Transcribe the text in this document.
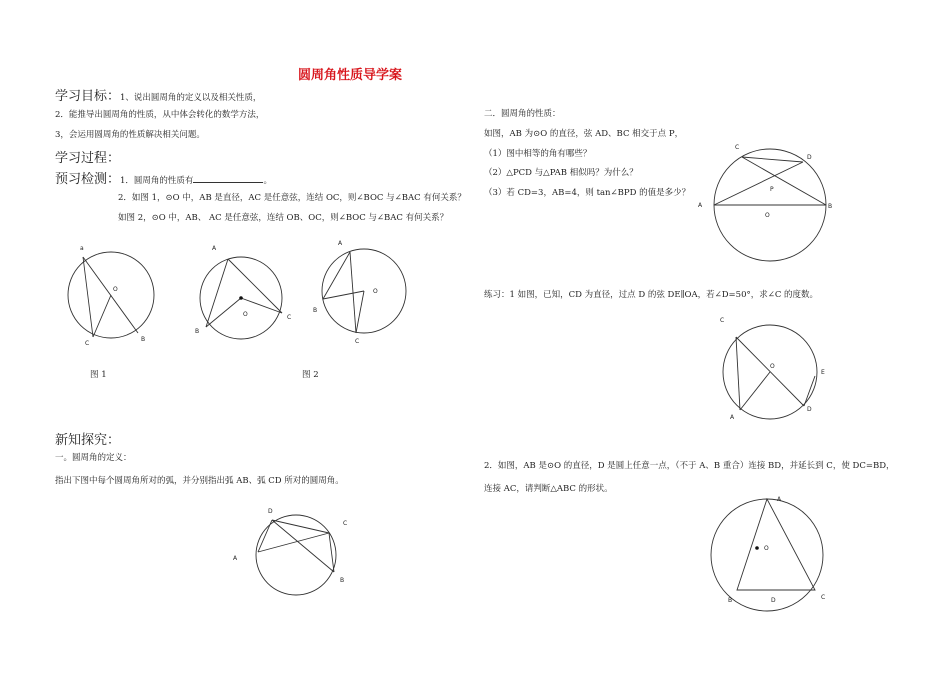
圆周角性质导学案
学习目标：1、说出圆周角的定义以及相关性质，
2．能推导出圆周角的性质，从中体会转化的数学方法，
3，会运用圆周角的性质解决相关问题。
学习过程：
预习检测：1．圆周角的性质有	。
2．如图 1，⊙O 中，AB 是直径，AC 是任意弦，连结 OC，则∠BOC 与∠BAC 有何关系？
如图 2，⊙O 中，AB、 AC 是任意弦，连结 OB、OC，则∠BOC 与∠BAC 有何关系？
a
O
C
B
A
O
B
C
A
O
B
C
图 1	图 2
新知探究：
一。圆周角的定义：
指出下图中每个圆周角所对的弧，并分别指出弧 AB、弧 CD 所对的圆周角。
D
C
A
B
二．圆周角的性质：
如图，AB 为⊙O 的直径，弦 AD、BC 相交于点 P，
（1）图中相等的角有哪些？
（2）△PCD 与△PAB 相似吗？为什么？
（3）若 CD=3，AB=4，则 tan∠BPD 的值是多少？
C
D
P
A	B
O
练习：1 如图，已知，CD 为直径，过点 D 的弦 DE∥OA，若∠D=50°，求∠C 的度数。
C
O
E
D
A
2．如图，AB 是⊙O 的直径，D 是圆上任意一点，（不于 A、B 重合）连接 BD，并延长到 C，使 DC=BD，
连接 AC，请判断△ABC 的形状。
A
O
B	D	C
